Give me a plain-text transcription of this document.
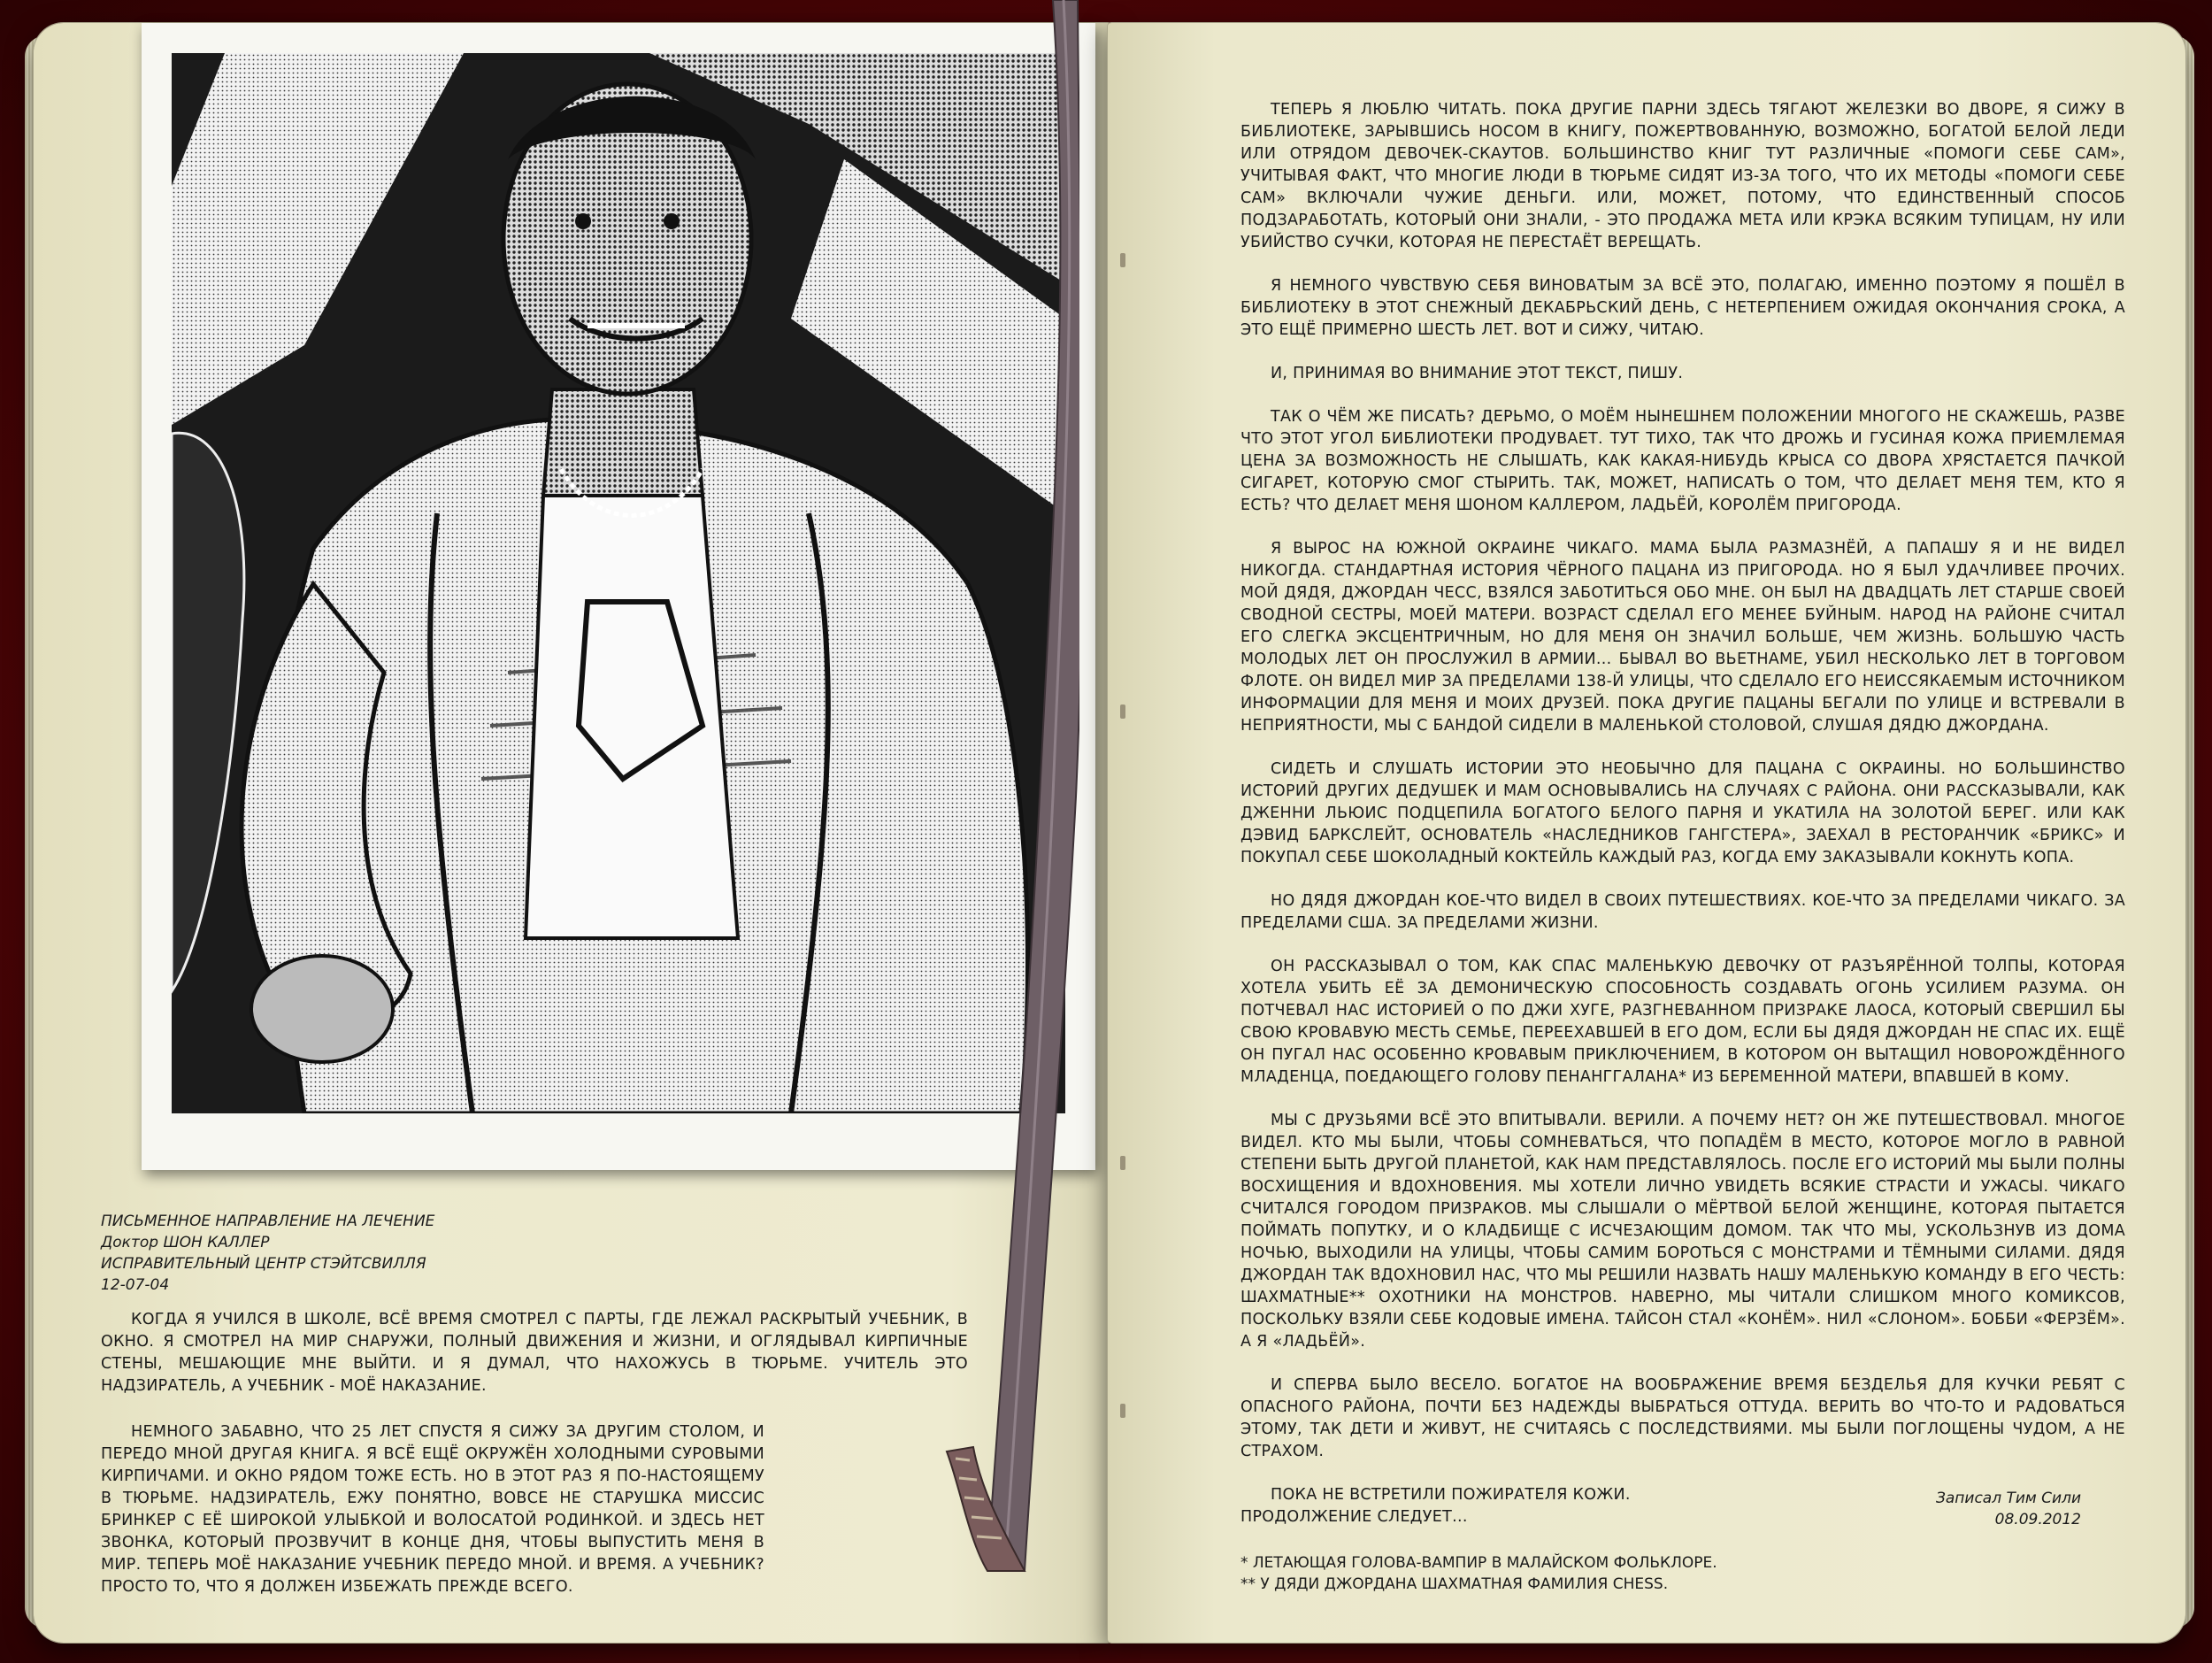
ПИСЬМЕННОЕ НАПРАВЛЕНИЕ НА ЛЕЧЕНИЕ
Доктор ШОН КАЛЛЕР
ИСПРАВИТЕЛЬНЫЙ ЦЕНТР СТЭЙТСВИЛЛЯ
12-07-04

КОГДА Я УЧИЛСЯ В ШКОЛЕ, ВСЁ ВРЕМЯ СМОТРЕЛ С ПАРТЫ, ГДЕ ЛЕЖАЛ РАСКРЫТЫЙ УЧЕБНИК, В ОКНО. Я СМОТРЕЛ НА МИР СНАРУЖИ, ПОЛНЫЙ ДВИЖЕНИЯ И ЖИЗНИ, И ОГЛЯДЫВАЛ КИРПИЧНЫЕ СТЕНЫ, МЕШАЮЩИЕ МНЕ ВЫЙТИ. И Я ДУМАЛ, ЧТО НАХОЖУСЬ В ТЮРЬМЕ. УЧИТЕЛЬ ЭТО НАДЗИРАТЕЛЬ, А УЧЕБНИК - МОЁ НАКАЗАНИЕ.

НЕМНОГО ЗАБАВНО, ЧТО 25 ЛЕТ СПУСТЯ Я СИЖУ ЗА ДРУГИМ СТОЛОМ, И ПЕРЕДО МНОЙ ДРУГАЯ КНИГА. Я ВСЁ ЕЩЁ ОКРУЖЁН ХОЛОДНЫМИ СУРОВЫМИ КИРПИЧАМИ. И ОКНО РЯДОМ ТОЖЕ ЕСТЬ. НО В ЭТОТ РАЗ Я ПО-НАСТОЯЩЕМУ В ТЮРЬМЕ. НАДЗИРАТЕЛЬ, ЕЖУ ПОНЯТНО, ВОВСЕ НЕ СТАРУШКА МИССИС БРИНКЕР С ЕЁ ШИРОКОЙ УЛЫБКОЙ И ВОЛОСАТОЙ РОДИНКОЙ. И ЗДЕСЬ НЕТ ЗВОНКА, КОТОРЫЙ ПРОЗВУЧИТ В КОНЦЕ ДНЯ, ЧТОБЫ ВЫПУСТИТЬ МЕНЯ В МИР. ТЕПЕРЬ МОЁ НАКАЗАНИЕ УЧЕБНИК ПЕРЕДО МНОЙ. И ВРЕМЯ. А УЧЕБНИК? ПРОСТО ТО, ЧТО Я ДОЛЖЕН ИЗБЕЖАТЬ ПРЕЖДЕ ВСЕГО.

ТЕПЕРЬ Я ЛЮБЛЮ ЧИТАТЬ. ПОКА ДРУГИЕ ПАРНИ ЗДЕСЬ ТЯГАЮТ ЖЕЛЕЗКИ ВО ДВОРЕ, Я СИЖУ В БИБЛИОТЕКЕ, ЗАРЫВШИСЬ НОСОМ В КНИГУ, ПОЖЕРТВОВАННУЮ, ВОЗМОЖНО, БОГАТОЙ БЕЛОЙ ЛЕДИ ИЛИ ОТРЯДОМ ДЕВОЧЕК-СКАУТОВ. БОЛЬШИНСТВО КНИГ ТУТ РАЗЛИЧНЫЕ «ПОМОГИ СЕБЕ САМ», УЧИТЫВАЯ ФАКТ, ЧТО МНОГИЕ ЛЮДИ В ТЮРЬМЕ СИДЯТ ИЗ-ЗА ТОГО, ЧТО ИХ МЕТОДЫ «ПОМОГИ СЕБЕ САМ» ВКЛЮЧАЛИ ЧУЖИЕ ДЕНЬГИ. ИЛИ, МОЖЕТ, ПОТОМУ, ЧТО ЕДИНСТВЕННЫЙ СПОСОБ ПОДЗАРАБОТАТЬ, КОТОРЫЙ ОНИ ЗНАЛИ, - ЭТО ПРОДАЖА МЕТА ИЛИ КРЭКА ВСЯКИМ ТУПИЦАМ, НУ ИЛИ УБИЙСТВО СУЧКИ, КОТОРАЯ НЕ ПЕРЕСТАЁТ ВЕРЕЩАТЬ.

Я НЕМНОГО ЧУВСТВУЮ СЕБЯ ВИНОВАТЫМ ЗА ВСЁ ЭТО, ПОЛАГАЮ, ИМЕННО ПОЭТОМУ Я ПОШЁЛ В БИБЛИОТЕКУ В ЭТОТ СНЕЖНЫЙ ДЕКАБРЬСКИЙ ДЕНЬ, С НЕТЕРПЕНИЕМ ОЖИДАЯ ОКОНЧАНИЯ СРОКА, А ЭТО ЕЩЁ ПРИМЕРНО ШЕСТЬ ЛЕТ. ВОТ И СИЖУ, ЧИТАЮ.

И, ПРИНИМАЯ ВО ВНИМАНИЕ ЭТОТ ТЕКСТ, ПИШУ.

ТАК О ЧЁМ ЖЕ ПИСАТЬ? ДЕРЬМО, О МОЁМ НЫНЕШНЕМ ПОЛОЖЕНИИ МНОГОГО НЕ СКАЖЕШЬ, РАЗВЕ ЧТО ЭТОТ УГОЛ БИБЛИОТЕКИ ПРОДУВАЕТ. ТУТ ТИХО, ТАК ЧТО ДРОЖЬ И ГУСИНАЯ КОЖА ПРИЕМЛЕМАЯ ЦЕНА ЗА ВОЗМОЖНОСТЬ НЕ СЛЫШАТЬ, КАК КАКАЯ-НИБУДЬ КРЫСА СО ДВОРА ХРЯСТАЕТСЯ ПАЧКОЙ СИГАРЕТ, КОТОРУЮ СМОГ СТЫРИТЬ. ТАК, МОЖЕТ, НАПИСАТЬ О ТОМ, ЧТО ДЕЛАЕТ МЕНЯ ТЕМ, КТО Я ЕСТЬ? ЧТО ДЕЛАЕТ МЕНЯ ШОНОМ КАЛЛЕРОМ, ЛАДЬЁЙ, КОРОЛЁМ ПРИГОРОДА.

Я ВЫРОС НА ЮЖНОЙ ОКРАИНЕ ЧИКАГО. МАМА БЫЛА РАЗМАЗНЁЙ, А ПАПАШУ Я И НЕ ВИДЕЛ НИКОГДА. СТАНДАРТНАЯ ИСТОРИЯ ЧЁРНОГО ПАЦАНА ИЗ ПРИГОРОДА. НО Я БЫЛ УДАЧЛИВЕЕ ПРОЧИХ. МОЙ ДЯДЯ, ДЖОРДАН ЧЕСС, ВЗЯЛСЯ ЗАБОТИТЬСЯ ОБО МНЕ. ОН БЫЛ НА ДВАДЦАТЬ ЛЕТ СТАРШЕ СВОЕЙ СВОДНОЙ СЕСТРЫ, МОЕЙ МАТЕРИ. ВОЗРАСТ СДЕЛАЛ ЕГО МЕНЕЕ БУЙНЫМ. НАРОД НА РАЙОНЕ СЧИТАЛ ЕГО СЛЕГКА ЭКСЦЕНТРИЧНЫМ, НО ДЛЯ МЕНЯ ОН ЗНАЧИЛ БОЛЬШЕ, ЧЕМ ЖИЗНЬ. БОЛЬШУЮ ЧАСТЬ МОЛОДЫХ ЛЕТ ОН ПРОСЛУЖИЛ В АРМИИ... БЫВАЛ ВО ВЬЕТНАМЕ, УБИЛ НЕСКОЛЬКО ЛЕТ В ТОРГОВОМ ФЛОТЕ. ОН ВИДЕЛ МИР ЗА ПРЕДЕЛАМИ 138-Й УЛИЦЫ, ЧТО СДЕЛАЛО ЕГО НЕИССЯКАЕМЫМ ИСТОЧНИКОМ ИНФОРМАЦИИ ДЛЯ МЕНЯ И МОИХ ДРУЗЕЙ. ПОКА ДРУГИЕ ПАЦАНЫ БЕГАЛИ ПО УЛИЦЕ И ВСТРЕВАЛИ В НЕПРИЯТНОСТИ, МЫ С БАНДОЙ СИДЕЛИ В МАЛЕНЬКОЙ СТОЛОВОЙ, СЛУШАЯ ДЯДЮ ДЖОРДАНА.

СИДЕТЬ И СЛУШАТЬ ИСТОРИИ ЭТО НЕОБЫЧНО ДЛЯ ПАЦАНА С ОКРАИНЫ. НО БОЛЬШИНСТВО ИСТОРИЙ ДРУГИХ ДЕДУШЕК И МАМ ОСНОВЫВАЛИСЬ НА СЛУЧАЯХ С РАЙОНА. ОНИ РАССКАЗЫВАЛИ, КАК ДЖЕННИ ЛЬЮИС ПОДЦЕПИЛА БОГАТОГО БЕЛОГО ПАРНЯ И УКАТИЛА НА ЗОЛОТОЙ БЕРЕГ. ИЛИ КАК ДЭВИД БАРКСЛЕЙТ, ОСНОВАТЕЛЬ «НАСЛЕДНИКОВ ГАНГСТЕРА», ЗАЕХАЛ В РЕСТОРАНЧИК «БРИКС» И ПОКУПАЛ СЕБЕ ШОКОЛАДНЫЙ КОКТЕЙЛЬ КАЖДЫЙ РАЗ, КОГДА ЕМУ ЗАКАЗЫВАЛИ КОКНУТЬ КОПА.

НО ДЯДЯ ДЖОРДАН КОЕ-ЧТО ВИДЕЛ В СВОИХ ПУТЕШЕСТВИЯХ. КОЕ-ЧТО ЗА ПРЕДЕЛАМИ ЧИКАГО. ЗА ПРЕДЕЛАМИ США. ЗА ПРЕДЕЛАМИ ЖИЗНИ.

ОН РАССКАЗЫВАЛ О ТОМ, КАК СПАС МАЛЕНЬКУЮ ДЕВОЧКУ ОТ РАЗЪЯРЁННОЙ ТОЛПЫ, КОТОРАЯ ХОТЕЛА УБИТЬ ЕЁ ЗА ДЕМОНИЧЕСКУЮ СПОСОБНОСТЬ СОЗДАВАТЬ ОГОНЬ УСИЛИЕМ РАЗУМА. ОН ПОТЧЕВАЛ НАС ИСТОРИЕЙ О ПО ДЖИ ХУГЕ, РАЗГНЕВАННОМ ПРИЗРАКЕ ЛАОСА, КОТОРЫЙ СВЕРШИЛ БЫ СВОЮ КРОВАВУЮ МЕСТЬ СЕМЬЕ, ПЕРЕЕХАВШЕЙ В ЕГО ДОМ, ЕСЛИ БЫ ДЯДЯ ДЖОРДАН НЕ СПАС ИХ. ЕЩЁ ОН ПУГАЛ НАС ОСОБЕННО КРОВАВЫМ ПРИКЛЮЧЕНИЕМ, В КОТОРОМ ОН ВЫТАЩИЛ НОВОРОЖДЁННОГО МЛАДЕНЦА, ПОЕДАЮЩЕГО ГОЛОВУ ПЕНАНГГАЛАНА* ИЗ БЕРЕМЕННОЙ МАТЕРИ, ВПАВШЕЙ В КОМУ.

МЫ С ДРУЗЬЯМИ ВСЁ ЭТО ВПИТЫВАЛИ. ВЕРИЛИ. А ПОЧЕМУ НЕТ? ОН ЖЕ ПУТЕШЕСТВОВАЛ. МНОГОЕ ВИДЕЛ. КТО МЫ БЫЛИ, ЧТОБЫ СОМНЕВАТЬСЯ, ЧТО ПОПАДЁМ В МЕСТО, КОТОРОЕ МОГЛО В РАВНОЙ СТЕПЕНИ БЫТЬ ДРУГОЙ ПЛАНЕТОЙ, КАК НАМ ПРЕДСТАВЛЯЛОСЬ. ПОСЛЕ ЕГО ИСТОРИЙ МЫ БЫЛИ ПОЛНЫ ВОСХИЩЕНИЯ И ВДОХНОВЕНИЯ. МЫ ХОТЕЛИ ЛИЧНО УВИДЕТЬ ВСЯКИЕ СТРАСТИ И УЖАСЫ. ЧИКАГО СЧИТАЛСЯ ГОРОДОМ ПРИЗРАКОВ. МЫ СЛЫШАЛИ О МЁРТВОЙ БЕЛОЙ ЖЕНЩИНЕ, КОТОРАЯ ПЫТАЕТСЯ ПОЙМАТЬ ПОПУТКУ, И О КЛАДБИЩЕ С ИСЧЕЗАЮЩИМ ДОМОМ. ТАК ЧТО МЫ, УСКОЛЬЗНУВ ИЗ ДОМА НОЧЬЮ, ВЫХОДИЛИ НА УЛИЦЫ, ЧТОБЫ САМИМ БОРОТЬСЯ С МОНСТРАМИ И ТЁМНЫМИ СИЛАМИ. ДЯДЯ ДЖОРДАН ТАК ВДОХНОВИЛ НАС, ЧТО МЫ РЕШИЛИ НАЗВАТЬ НАШУ МАЛЕНЬКУЮ КОМАНДУ В ЕГО ЧЕСТЬ: ШАХМАТНЫЕ** ОХОТНИКИ НА МОНСТРОВ. НАВЕРНО, МЫ ЧИТАЛИ СЛИШКОМ МНОГО КОМИКСОВ, ПОСКОЛЬКУ ВЗЯЛИ СЕБЕ КОДОВЫЕ ИМЕНА. ТАЙСОН СТАЛ «КОНЁМ». НИЛ «СЛОНОМ». БОББИ «ФЕРЗЁМ». А Я «ЛАДЬЁЙ».

И СПЕРВА БЫЛО ВЕСЕЛО. БОГАТОЕ НА ВООБРАЖЕНИЕ ВРЕМЯ БЕЗДЕЛЬЯ ДЛЯ КУЧКИ РЕБЯТ С ОПАСНОГО РАЙОНА, ПОЧТИ БЕЗ НАДЕЖДЫ ВЫБРАТЬСЯ ОТТУДА. ВЕРИТЬ ВО ЧТО-ТО И РАДОВАТЬСЯ ЭТОМУ, ТАК ДЕТИ И ЖИВУТ, НЕ СЧИТАЯСЬ С ПОСЛЕДСТВИЯМИ. МЫ БЫЛИ ПОГЛОЩЕНЫ ЧУДОМ, А НЕ СТРАХОМ.

ПОКА НЕ ВСТРЕТИЛИ ПОЖИРАТЕЛЯ КОЖИ.
ПРОДОЛЖЕНИЕ СЛЕДУЕТ...

Записал Тим Сили
08.09.2012
* ЛЕТАЮЩАЯ ГОЛОВА-ВАМПИР В МАЛАЙСКОМ ФОЛЬКЛОРЕ.
** У ДЯДИ ДЖОРДАНА ШАХМАТНАЯ ФАМИЛИЯ CHESS.
